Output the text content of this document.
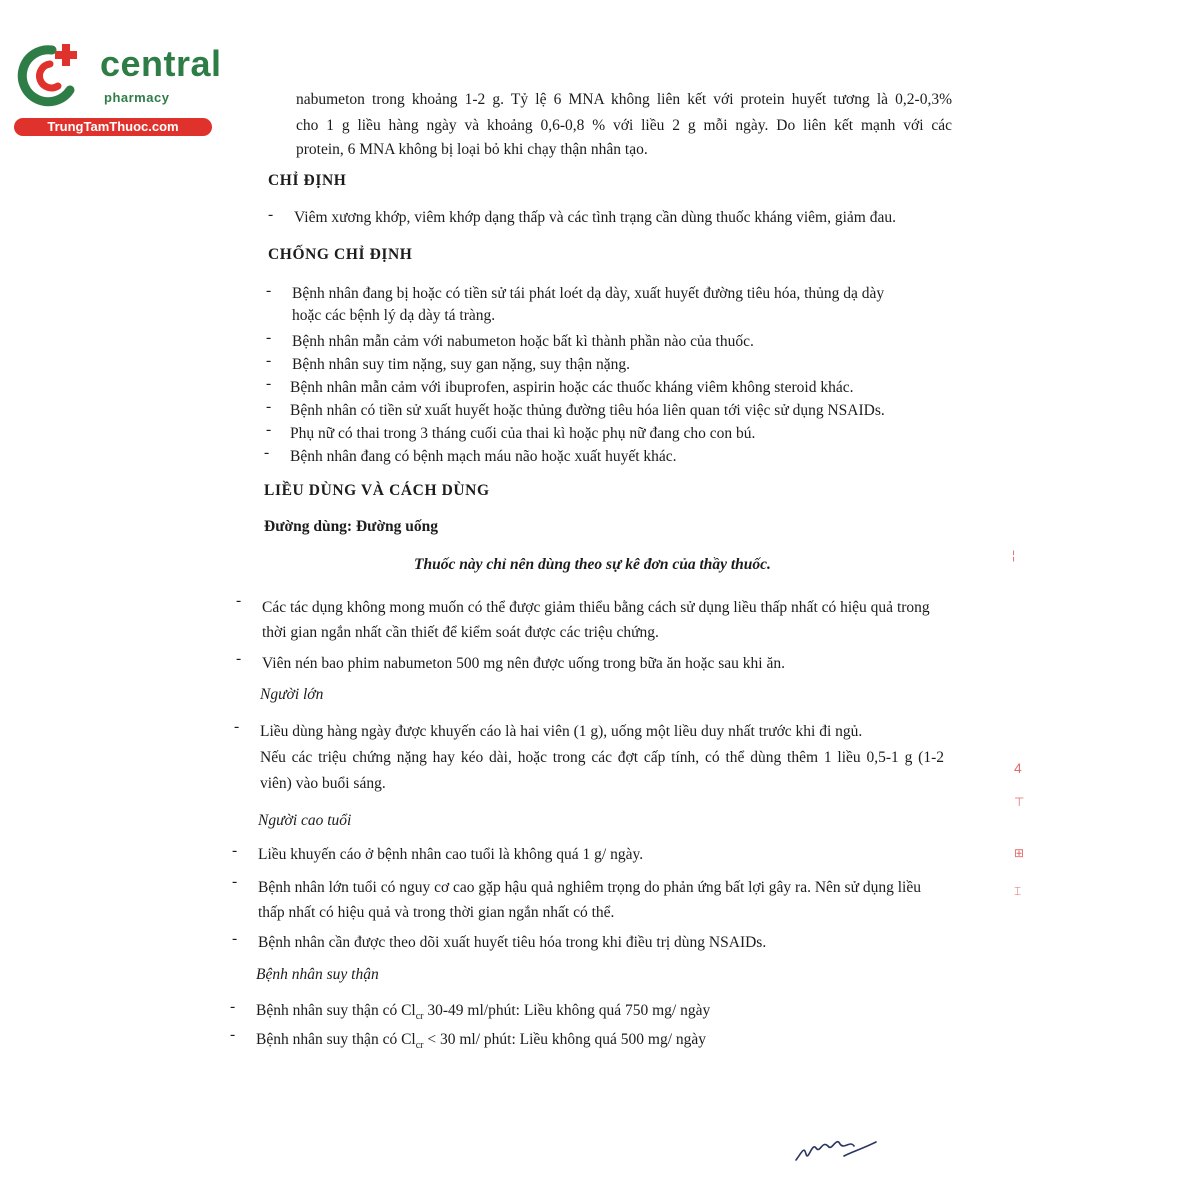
central
pharmacy
TrungTamThuoc.com
nabumeton trong khoảng 1-2 g. Tỷ lệ 6 MNA không liên kết với protein huyết tương là 0,2-0,3%
cho 1 g liều hàng ngày và khoảng 0,6-0,8 % với liều 2 g mỗi ngày. Do liên kết mạnh với các
protein, 6 MNA không bị loại bỏ khi chạy thận nhân tạo.
CHỈ ĐỊNH
- Viêm xương khớp, viêm khớp dạng thấp và các tình trạng cần dùng thuốc kháng viêm, giảm đau.
CHỐNG CHỈ ĐỊNH
- Bệnh nhân đang bị hoặc có tiền sử tái phát loét dạ dày, xuất huyết đường tiêu hóa, thủng dạ dày
hoặc các bệnh lý dạ dày tá tràng.
- Bệnh nhân mẫn cảm với nabumeton hoặc bất kì thành phần nào của thuốc.
- Bệnh nhân suy tim nặng, suy gan nặng, suy thận nặng.
- Bệnh nhân mẫn cảm với ibuprofen, aspirin hoặc các thuốc kháng viêm không steroid khác.
- Bệnh nhân có tiền sử xuất huyết hoặc thủng đường tiêu hóa liên quan tới việc sử dụng NSAIDs.
- Phụ nữ có thai trong 3 tháng cuối của thai kì hoặc phụ nữ đang cho con bú.
- Bệnh nhân đang có bệnh mạch máu não hoặc xuất huyết khác.
LIỀU DÙNG VÀ CÁCH DÙNG
Đường dùng: Đường uống
Thuốc này chỉ nên dùng theo sự kê đơn của thầy thuốc.
- Các tác dụng không mong muốn có thể được giảm thiểu bằng cách sử dụng liều thấp nhất có hiệu quả trong
thời gian ngắn nhất cần thiết để kiểm soát được các triệu chứng.
- Viên nén bao phim nabumeton 500 mg nên được uống trong bữa ăn hoặc sau khi ăn.
Người lớn
- Liều dùng hàng ngày được khuyến cáo là hai viên (1 g), uống một liều duy nhất trước khi đi ngủ.
Nếu các triệu chứng nặng hay kéo dài, hoặc trong các đợt cấp tính, có thể dùng thêm 1 liều 0,5-1 g (1-2
viên) vào buổi sáng.
Người cao tuổi
- Liều khuyến cáo ở bệnh nhân cao tuổi là không quá 1 g/ ngày.
- Bệnh nhân lớn tuổi có nguy cơ cao gặp hậu quả nghiêm trọng do phản ứng bất lợi gây ra. Nên sử dụng liều
thấp nhất có hiệu quả và trong thời gian ngắn nhất có thể.
- Bệnh nhân cần được theo dõi xuất huyết tiêu hóa trong khi điều trị dùng NSAIDs.
Bệnh nhân suy thận
- Bệnh nhân suy thận có $Cl_{cr}$ 30-49 ml/phút: Liều không quá 750 mg/ ngày
- Bệnh nhân suy thận có $Cl_{cr} < 30$ ml/ phút: Liều không quá 500 mg/ ngày
¦
4
⊤
⊞
⌶
